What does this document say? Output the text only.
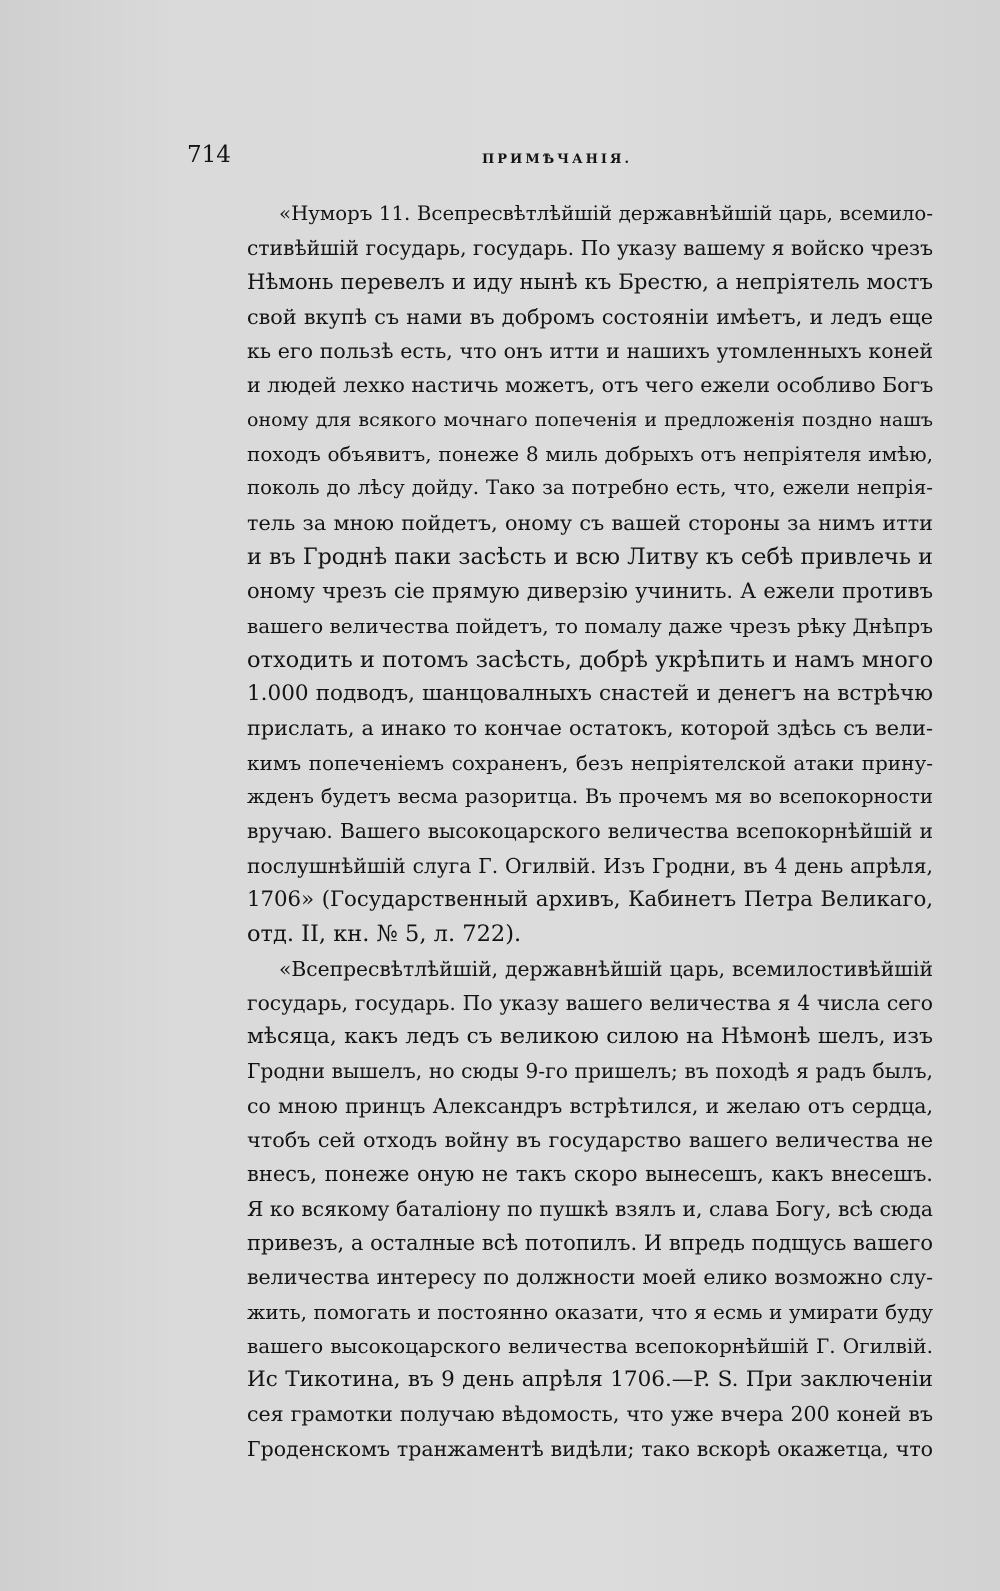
714	ПРИМѢЧАНІЯ.
«Нуморъ 11. Всепресвѣтлѣйшій державнѣйшій царь, всемило-
стивѣйшій государь, государь. По указу вашему я войско чрезъ
Нѣмонь перевелъ и иду нынѣ къ Брестю, а непріятель мостъ
свой вкупѣ съ нами въ добромъ состояніи имѣетъ, и ледъ еще
кь его пользѣ есть, что онъ итти и нашихъ утомленныхъ коней
и людей лехко настичь можетъ, отъ чего ежели особливо Богъ
оному для всякого мочнаго попеченія и предложенія поздно нашъ
походъ объявитъ, понеже 8 миль добрыхъ отъ непріятеля имѣю,
поколь до лѣсу дойду. Тако за потребно есть, что, ежели непрія-
тель за мною пойдетъ, оному съ вашей стороны за нимъ итти
и въ Гроднѣ паки засѣсть и всю Литву къ себѣ привлечь и
оному чрезъ сіе прямую диверзію учинить. А ежели противъ
вашего величества пойдетъ, то помалу даже чрезъ рѣку Днѣпръ
отходить и потомъ засѣсть, добрѣ укрѣпить и намъ много
1.000 подводъ, шанцовалныхъ снастей и денегъ на встрѣчю
прислать, а инако то кончае остатокъ, которой здѣсь съ вели-
кимъ попеченіемъ сохраненъ, безъ непріятелской атаки прину-
жденъ будетъ весма разоритца. Въ прочемъ мя во всепокорности
вручаю. Вашего высокоцарского величества всепокорнѣйшій и
послушнѣйшій слуга Г. Огилвій. Изъ Гродни, въ 4 день апрѣля,
1706» (Государственный архивъ, Кабинетъ Петра Великаго,
отд. II, кн. № 5, л. 722).
«Всепресвѣтлѣйшій, державнѣйшій царь, всемилостивѣйшій
государь, государь. По указу вашего величества я 4 числа сего
мѣсяца, какъ ледъ съ великою силою на Нѣмонѣ шелъ, изъ
Гродни вышелъ, но сюды 9-го пришелъ; въ походѣ я радъ былъ,
со мною принцъ Александръ встрѣтился, и желаю отъ сердца,
чтобъ сей отходъ войну въ государство вашего величества не
внесъ, понеже оную не такъ скоро вынесешъ, какъ внесешъ.
Я ко всякому баталіону по пушкѣ взялъ и, слава Богу, всѣ сюда
привезъ, а осталные всѣ потопилъ. И впредь подщусь вашего
величества интересу по должности моей елико возможно слу-
жить, помогать и постоянно оказати, что я есмь и умирати буду
вашего высокоцарского величества всепокорнѣйшій Г. Огилвій.
Ис Тикотина, въ 9 день апрѣля 1706.—P. S. При заключеніи
сея грамотки получаю вѣдомость, что уже вчера 200 коней въ
Гроденскомъ транжаментѣ видѣли; тако вскорѣ окажетца, что
